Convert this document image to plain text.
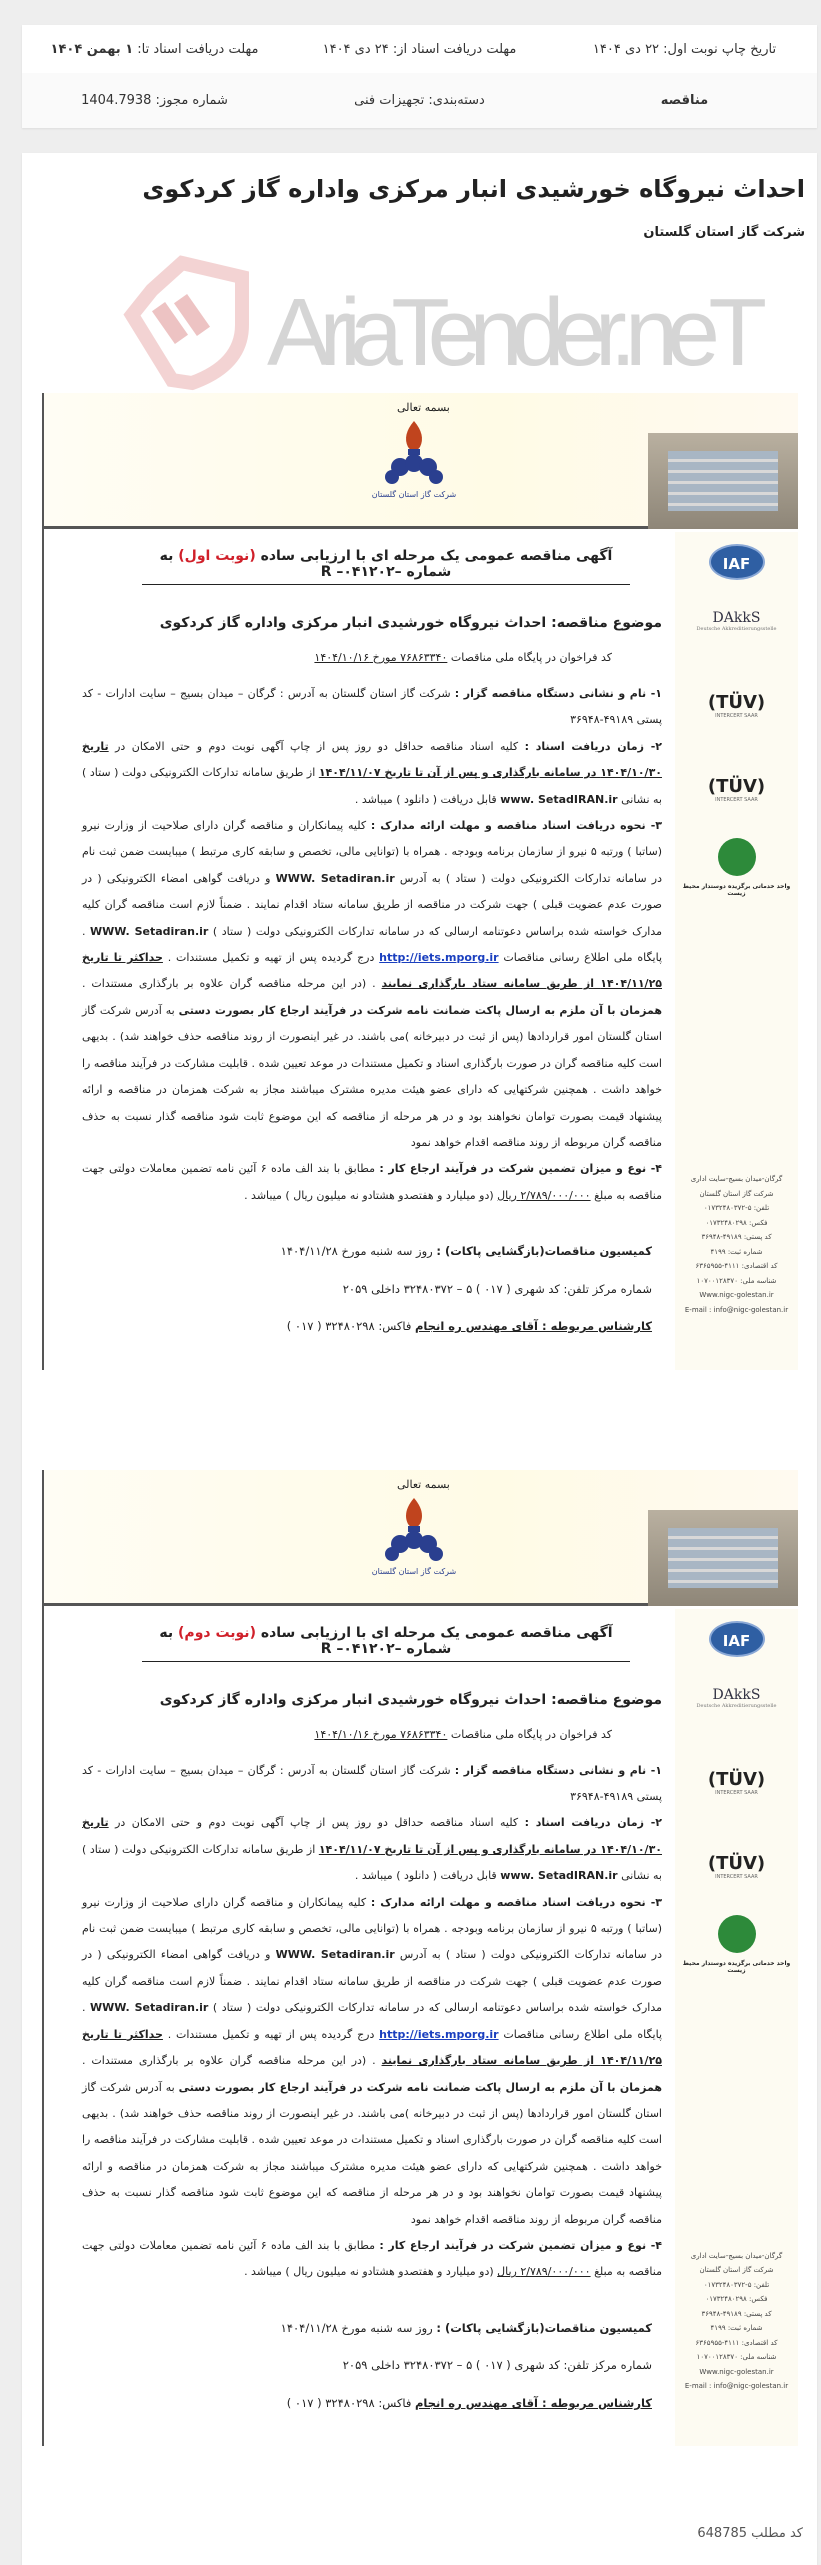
تاریخ چاپ نوبت اول: ۲۲ دی ۱۴۰۴
مهلت دریافت اسناد از: ۲۴ دی ۱۴۰۴
مهلت دریافت اسناد تا: ۱ بهمن ۱۴۰۴
مناقصه
دسته‌بندی: تجهیزات فنی
شماره مجوز: 1404.7938
احداث نیروگاه خورشیدی انبار مرکزی واداره گاز کردکوی
شرکت گاز استان گلستان
AriaTender.neT
بسمه تعالی
شرکت گاز استان گلستان
IAF
DAkkS
Deutsche Akkreditierungsstelle
(TÜV)
INTERCERT SAAR
(TÜV)
INTERCERT SAAR
واحد خدماتی برگزیده دوستدار محیط زیست
گرگان-میدان بسیج-سایت اداری
شرکت گاز استان گلستان
تلفن: ۵-۰۱۷۳۲۴۸۰۳۷۲
فکس: ۰۱۷۳۲۴۸۰۲۹۸
کد پستی: ۴۹۱۸۹-۳۶۹۴۸
شماره ثبت: ۴۱۹۹
کد اقتصادی: ۴۱۱۱-۶۳۶۵۹۵۵
شناسه ملی: ۱۰۷۰۰۱۲۸۳۷۰
Www.nigc-golestan.ir
E-mail : info@nigc-golestan.ir
آگهی مناقصه عمومی یک مرحله ای با ارزیابی ساده (نوبت اول) به شماره –۰۴۱۲۰۲– R
موضوع مناقصه: احداث نیروگاه خورشیدی انبار مرکزی واداره گاز کردکوی
کد فراخوان در پایگاه ملی مناقصات ۷۶۸۶۳۳۴۰ مورخ ۱۴۰۴/۱۰/۱۶

۱- نام و نشانی دستگاه مناقصه گزار : شرکت گاز استان گلستان به آدرس : گرگان – میدان بسیج – سایت ادارات - کد پستی ۴۹۱۸۹-۳۶۹۴۸

۲- زمان دریافت اسناد : کلیه اسناد مناقصه حداقل دو روز پس از چاپ آگهی نوبت دوم و حتی الامکان در تاریخ ۱۴۰۴/۱۰/۳۰ در سامانه بارگذاری و پس از آن تا تاریخ ۱۴۰۴/۱۱/۰۷ از طریق سامانه تدارکات الکترونیکی دولت ( ستاد ) به نشانی www. SetadIRAN.ir قابل دریافت ( دانلود ) میباشد .

۳- نحوه دریافت اسناد مناقصه و مهلت ارائه مدارک : کلیه پیمانکاران و مناقصه گران دارای صلاحیت از وزارت نیرو (ساتبا ) ورتبه ۵ نیرو از سازمان برنامه وبودجه . همراه با (توانایی مالی، تخصص و سابقه کاری مرتبط ) میبایست ضمن ثبت نام در سامانه تدارکات الکترونیکی دولت ( ستاد ) به آدرس WWW. Setadiran.ir و دریافت گواهی امضاء الکترونیکی ( در صورت عدم عضویت قبلی ) جهت شرکت در مناقصه از طریق سامانه ستاد اقدام نمایند . ضمناً لازم است مناقصه گران کلیه مدارک خواسته شده براساس دعوتنامه ارسالی که در سامانه تدارکات الکترونیکی دولت ( ستاد ) WWW. Setadiran.ir . پایگاه ملی اطلاع رسانی مناقصات http://iets.mporg.ir درج گردیده پس از تهیه و تکمیل مستندات . حداکثر تا تاریخ ۱۴۰۴/۱۱/۲۵ از طریق سامانه ستاد بارگذاری نمایند . (در این مرحله مناقصه گران علاوه بر بارگذاری مستندات . همزمان با آن ملزم به ارسال پاکت ضمانت نامه شرکت در فرآیند ارجاع کار بصورت دستی به آدرس شرکت گاز استان گلستان امور قراردادها (پس از ثبت در دبیرخانه )می باشند. در غیر اینصورت از روند مناقصه حذف خواهند شد) . بدیهی است کلیه مناقصه گران در صورت بارگذاری اسناد و تکمیل مستندات در موعد تعیین شده . قابلیت مشارکت در فرآیند مناقصه را خواهد داشت . همچنین شرکتهایی که دارای عضو هیئت مدیره مشترک میباشند مجاز به شرکت همزمان در مناقصه و ارائه پیشنهاد قیمت بصورت توامان نخواهند بود و در هر مرحله از مناقصه که این موضوع ثابت شود مناقصه گذار نسبت به حذف مناقصه گران مربوطه از روند مناقصه اقدام خواهد نمود

۴- نوع و میزان تضمین شرکت در فرآیند ارجاع کار : مطابق با بند الف ماده ۶ آئین نامه تضمین معاملات دولتی جهت مناقصه به مبلغ ۲/۷۸۹/۰۰۰/۰۰۰ ریال (دو میلیارد و هفتصدو هشتادو نه میلیون ریال ) میباشد .

کمیسیون مناقصات(بازگشایی پاکات) : روز سه شنبه مورخ ۱۴۰۴/۱۱/۲۸

شماره مرکز تلفن: کد شهری ( ۰۱۷ ) ۵ – ۳۲۴۸۰۳۷۲ داخلی ۲۰۵۹

کارشناس مربوطه : آقای مهندس ره انجام فاکس: ۳۲۴۸۰۲۹۸ ( ۰۱۷ )

بسمه تعالی
شرکت گاز استان گلستان
IAF
DAkkS
Deutsche Akkreditierungsstelle
(TÜV)
INTERCERT SAAR
(TÜV)
INTERCERT SAAR
واحد خدماتی برگزیده دوستدار محیط زیست
گرگان-میدان بسیج-سایت اداری
شرکت گاز استان گلستان
تلفن: ۵-۰۱۷۳۲۴۸۰۳۷۲
فکس: ۰۱۷۳۲۴۸۰۲۹۸
کد پستی: ۴۹۱۸۹-۳۶۹۴۸
شماره ثبت: ۴۱۹۹
کد اقتصادی: ۴۱۱۱-۶۳۶۵۹۵۵
شناسه ملی: ۱۰۷۰۰۱۲۸۳۷۰
Www.nigc-golestan.ir
E-mail : info@nigc-golestan.ir
آگهی مناقصه عمومی یک مرحله ای با ارزیابی ساده (نوبت دوم) به شماره –۰۴۱۲۰۲– R
موضوع مناقصه: احداث نیروگاه خورشیدی انبار مرکزی واداره گاز کردکوی
کد فراخوان در پایگاه ملی مناقصات ۷۶۸۶۳۳۴۰ مورخ ۱۴۰۴/۱۰/۱۶

۱- نام و نشانی دستگاه مناقصه گزار : شرکت گاز استان گلستان به آدرس : گرگان – میدان بسیج – سایت ادارات - کد پستی ۴۹۱۸۹-۳۶۹۴۸

۲- زمان دریافت اسناد : کلیه اسناد مناقصه حداقل دو روز پس از چاپ آگهی نوبت دوم و حتی الامکان در تاریخ ۱۴۰۴/۱۰/۳۰ در سامانه بارگذاری و پس از آن تا تاریخ ۱۴۰۴/۱۱/۰۷ از طریق سامانه تدارکات الکترونیکی دولت ( ستاد ) به نشانی www. SetadIRAN.ir قابل دریافت ( دانلود ) میباشد .

۳- نحوه دریافت اسناد مناقصه و مهلت ارائه مدارک : کلیه پیمانکاران و مناقصه گران دارای صلاحیت از وزارت نیرو (ساتبا ) ورتبه ۵ نیرو از سازمان برنامه وبودجه . همراه با (توانایی مالی، تخصص و سابقه کاری مرتبط ) میبایست ضمن ثبت نام در سامانه تدارکات الکترونیکی دولت ( ستاد ) به آدرس WWW. Setadiran.ir و دریافت گواهی امضاء الکترونیکی ( در صورت عدم عضویت قبلی ) جهت شرکت در مناقصه از طریق سامانه ستاد اقدام نمایند . ضمناً لازم است مناقصه گران کلیه مدارک خواسته شده براساس دعوتنامه ارسالی که در سامانه تدارکات الکترونیکی دولت ( ستاد ) WWW. Setadiran.ir . پایگاه ملی اطلاع رسانی مناقصات http://iets.mporg.ir درج گردیده پس از تهیه و تکمیل مستندات . حداکثر تا تاریخ ۱۴۰۴/۱۱/۲۵ از طریق سامانه ستاد بارگذاری نمایند . (در این مرحله مناقصه گران علاوه بر بارگذاری مستندات . همزمان با آن ملزم به ارسال پاکت ضمانت نامه شرکت در فرآیند ارجاع کار بصورت دستی به آدرس شرکت گاز استان گلستان امور قراردادها (پس از ثبت در دبیرخانه )می باشند. در غیر اینصورت از روند مناقصه حذف خواهند شد) . بدیهی است کلیه مناقصه گران در صورت بارگذاری اسناد و تکمیل مستندات در موعد تعیین شده . قابلیت مشارکت در فرآیند مناقصه را خواهد داشت . همچنین شرکتهایی که دارای عضو هیئت مدیره مشترک میباشند مجاز به شرکت همزمان در مناقصه و ارائه پیشنهاد قیمت بصورت توامان نخواهند بود و در هر مرحله از مناقصه که این موضوع ثابت شود مناقصه گذار نسبت به حذف مناقصه گران مربوطه از روند مناقصه اقدام خواهد نمود

۴- نوع و میزان تضمین شرکت در فرآیند ارجاع کار : مطابق با بند الف ماده ۶ آئین نامه تضمین معاملات دولتی جهت مناقصه به مبلغ ۲/۷۸۹/۰۰۰/۰۰۰ ریال (دو میلیارد و هفتصدو هشتادو نه میلیون ریال ) میباشد .

کمیسیون مناقصات(بازگشایی پاکات) : روز سه شنبه مورخ ۱۴۰۴/۱۱/۲۸

شماره مرکز تلفن: کد شهری ( ۰۱۷ ) ۵ – ۳۲۴۸۰۳۷۲ داخلی ۲۰۵۹

کارشناس مربوطه : آقای مهندس ره انجام فاکس: ۳۲۴۸۰۲۹۸ ( ۰۱۷ )

کد مطلب 648785
